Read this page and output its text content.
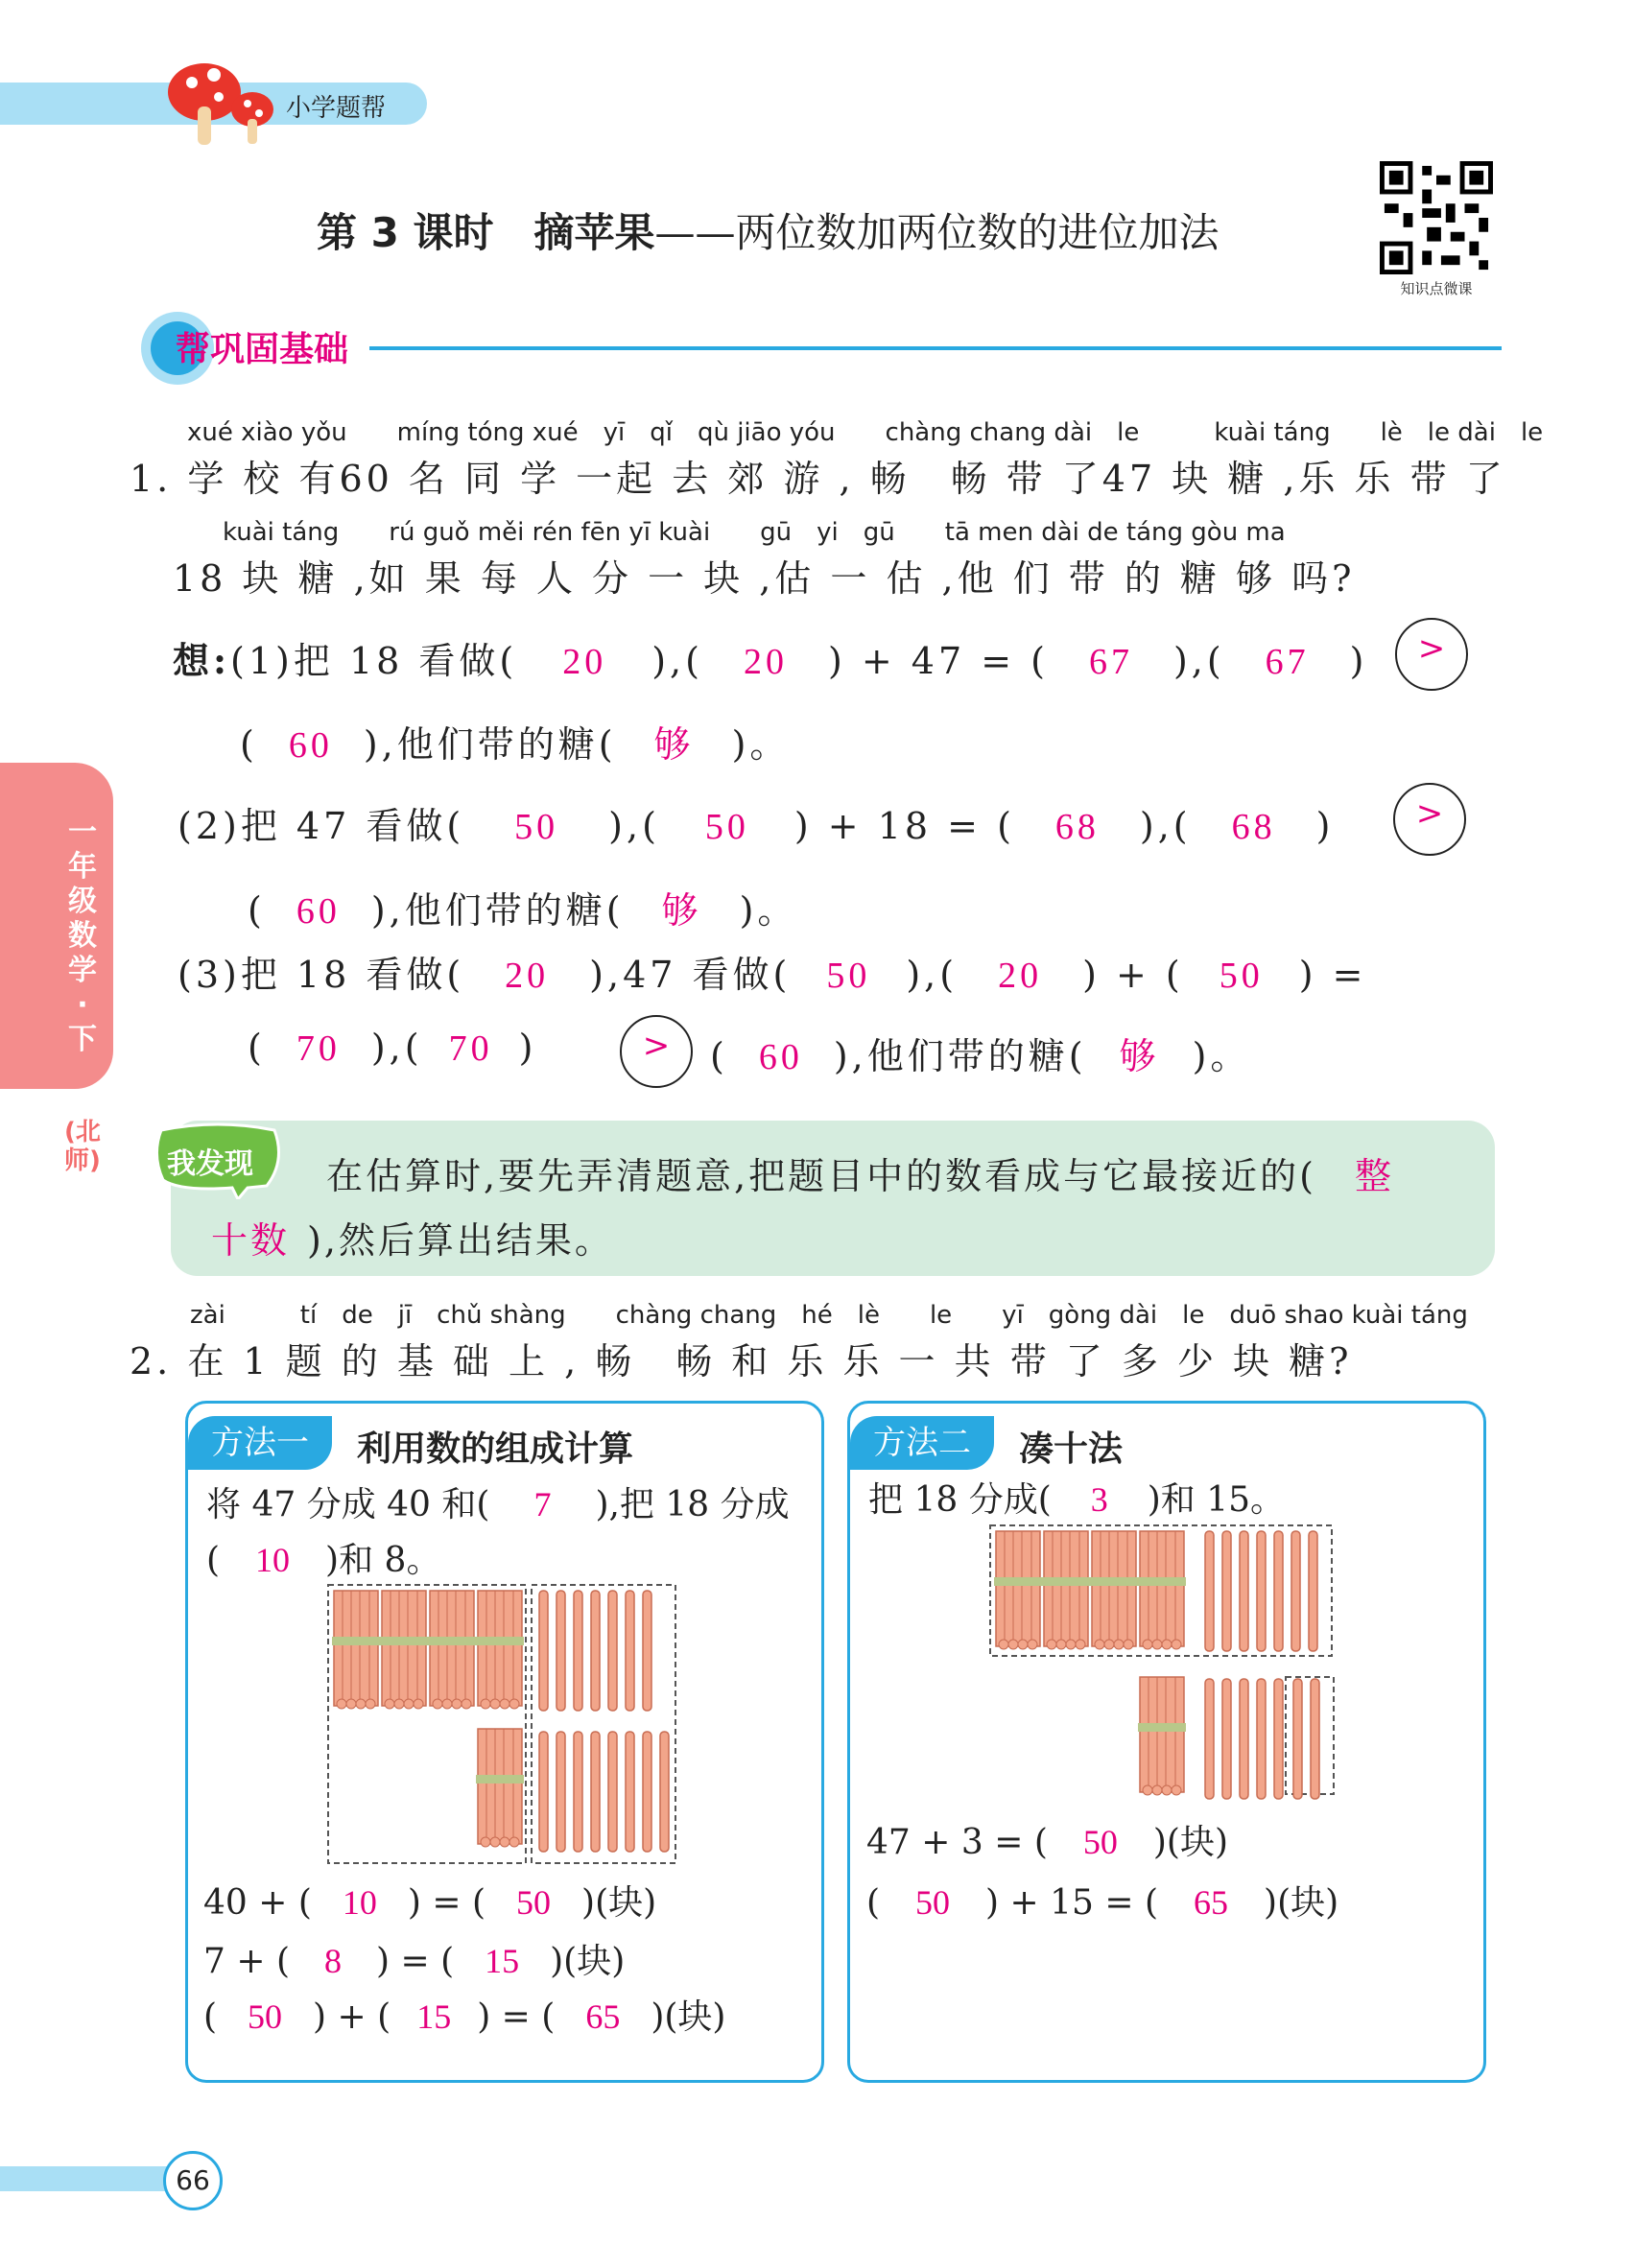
小学题帮
第 3 课时　摘苹果——两位数加两位数的进位加法
知识点微课
帮巩固基础
一年级数学·下
(北师)
xué xiào yǒu　　míng tóng xué　yī　qǐ　qù jiāo yóu　　chàng chang dài　le　　　kuài táng　　lè　le dài　le
1. 学 校 有60 名 同 学 一起 去 郊 游 , 畅　畅 带 了47 块 糖 ,乐 乐 带 了
kuài táng　　rú guǒ měi rén fēn yī kuài　　gū　yi　gū　　tā men dài de táng gòu ma
18 块 糖 ,如 果 每 人 分 一 块 ,估 一 估 ,他 们 带 的 糖 够 吗?
想:(1)把 18 看做( 20 ),( 20 ) + 47 = ( 67 ),( 67 )	>
( 60 ),他们带的糖( 够 )。
(2)把 47 看做( 50 ),( 50 ) + 18 = ( 68 ),( 68 )	>
( 60 ),他们带的糖( 够 )。
(3)把 18 看做( 20 ),47 看做( 50 ),( 20 ) + ( 50 ) =
( 70 ),( 70 )	>	( 60 ),他们带的糖( 够 )。
我发现 在估算时,要先弄清题意,把题目中的数看成与它最接近的( 整
十数 ),然后算出结果。
zài　　　tí　de　jī　chǔ shàng　　chàng chang　hé　lè　　le　　yī　gòng dài　le　duō shao kuài táng
2. 在 1 题 的 基 础 上 , 畅　畅 和 乐 乐 一 共 带 了 多 少 块 糖?
方法一	利用数的组成计算
将 47 分成 40 和( 7 ),把 18 分成
( 10 )和 8。
40 + ( 10 ) = ( 50 )(块)
7 + ( 8 ) = ( 15 )(块)
( 50 ) + ( 15 ) = ( 65 )(块)
方法二	凑十法
把 18 分成( 3 )和 15。
47 + 3 = ( 50 )(块)
( 50 ) + 15 = ( 65 )(块)
66
